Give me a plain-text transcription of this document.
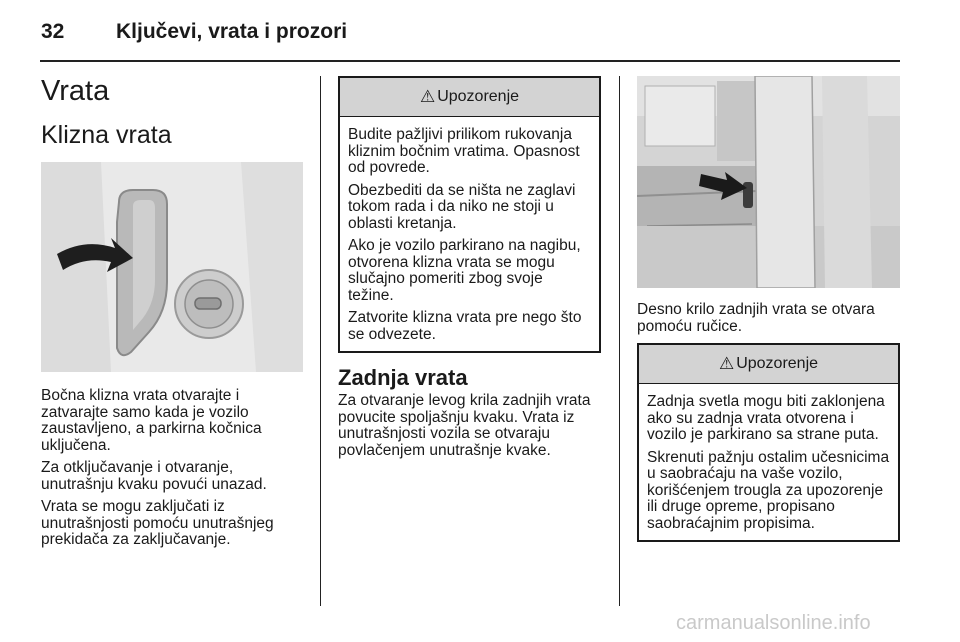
32 Ključevi, vrata i prozori
Vrata
Klizna vrata

Bočna klizna vrata otvarajte i zatvarajte samo kada je vozilo zaustavljeno, a parkirna kočnica uključena.

Za otključavanje i otvaranje, unutrašnju kvaku povući unazad.

Vrata se mogu zaključati iz unutrašnjosti pomoću unutrašnjeg prekidača za zaključavanje.

⚠ Upozorenje

Budite pažljivi prilikom rukovanja kliznim bočnim vratima. Opasnost od povrede.

Obezbediti da se ništa ne zaglavi tokom rada i da niko ne stoji u oblasti kretanja.

Ako je vozilo parkirano na nagibu, otvorena klizna vrata se mogu slučajno pomeriti zbog svoje težine.

Zatvorite klizna vrata pre nego što se odvezete.

Zadnja vrata

Za otvaranje levog krila zadnjih vrata povucite spoljašnju kvaku. Vrata iz unutrašnjosti vozila se otvaraju povlačenjem unutrašnje kvake.

Desno krilo zadnjih vrata se otvara pomoću ručice.

⚠ Upozorenje

Zadnja svetla mogu biti zaklonjena ako su zadnja vrata otvorena i vozilo je parkirano sa strane puta.

Skrenuti pažnju ostalim učesnicima u saobraćaju na vaše vozilo, korišćenjem trougla za upozorenje ili druge opreme, propisano saobraćajnim propisima.

carmanualsonline.info
